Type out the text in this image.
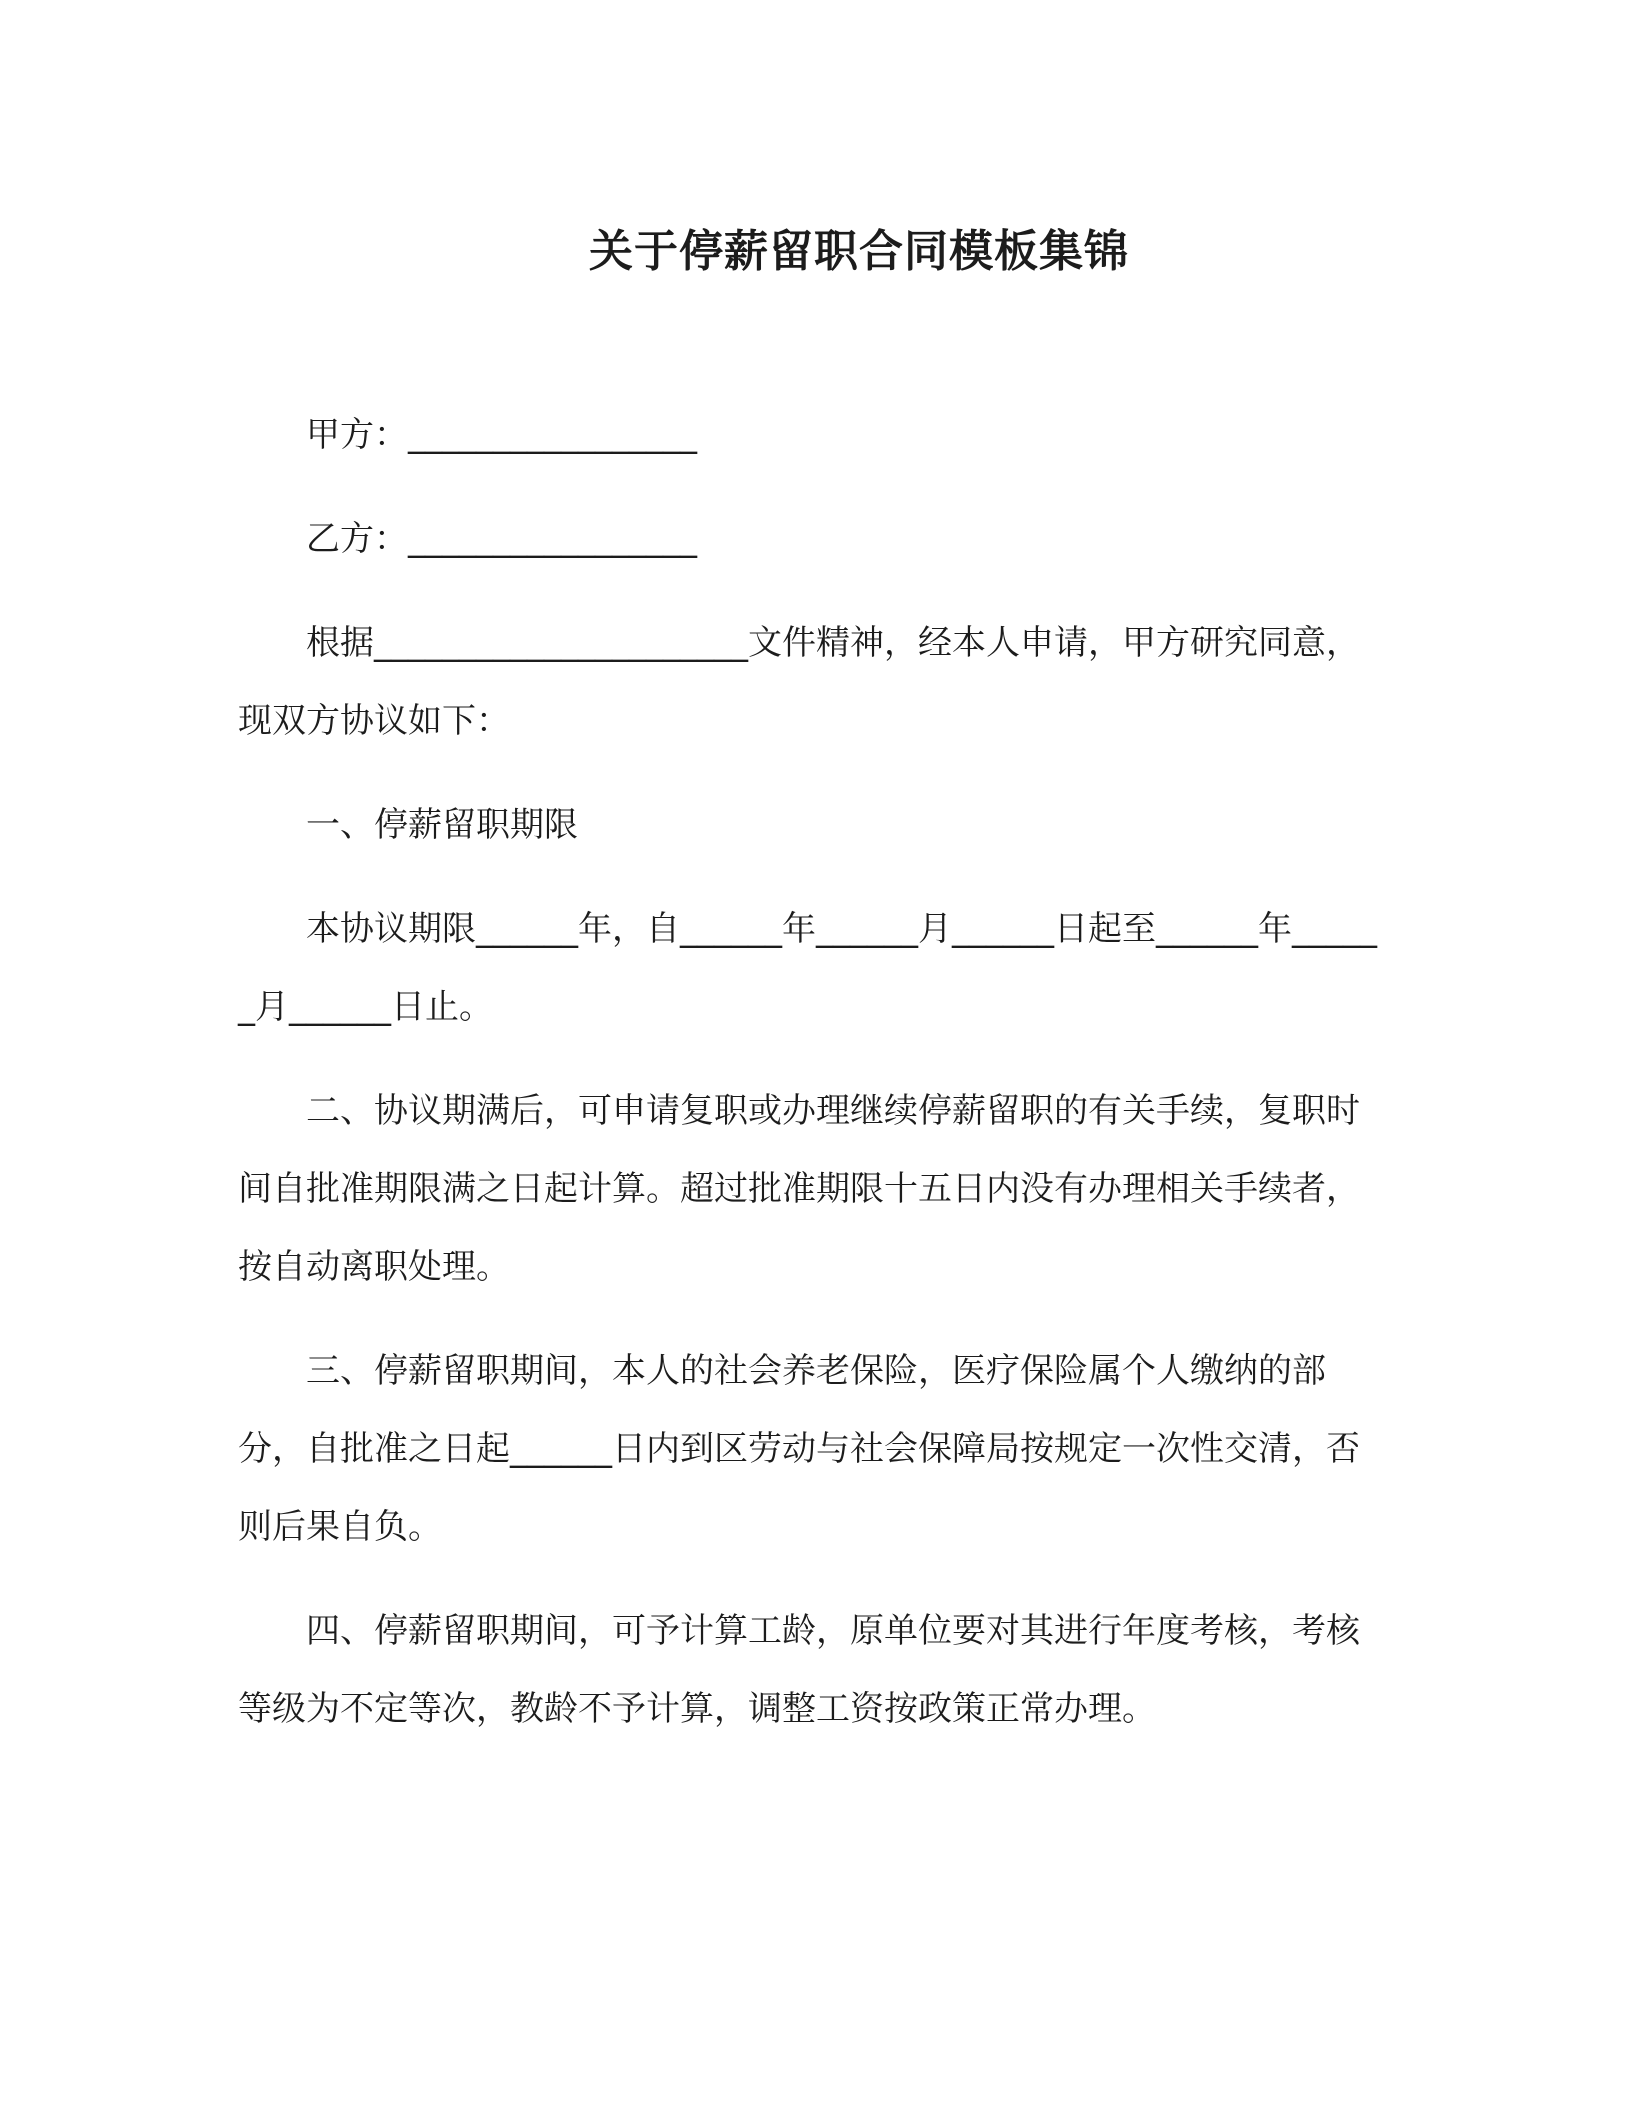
关于停薪留职合同模板集锦

甲方：_________________

乙方：_________________

根据______________________文件精神，经本人申请，甲方研究同意，现双方协议如下：

一、停薪留职期限

本协议期限______年，自______年______月______日起至______年______月______日止。

二、协议期满后，可申请复职或办理继续停薪留职的有关手续，复职时间自批准期限满之日起计算。超过批准期限十五日内没有办理相关手续者，按自动离职处理。

三、停薪留职期间，本人的社会养老保险，医疗保险属个人缴纳的部分，自批准之日起______日内到区劳动与社会保障局按规定一次性交清，否则后果自负。

四、停薪留职期间，可予计算工龄，原单位要对其进行年度考核，考核等级为不定等次，教龄不予计算，调整工资按政策正常办理。
